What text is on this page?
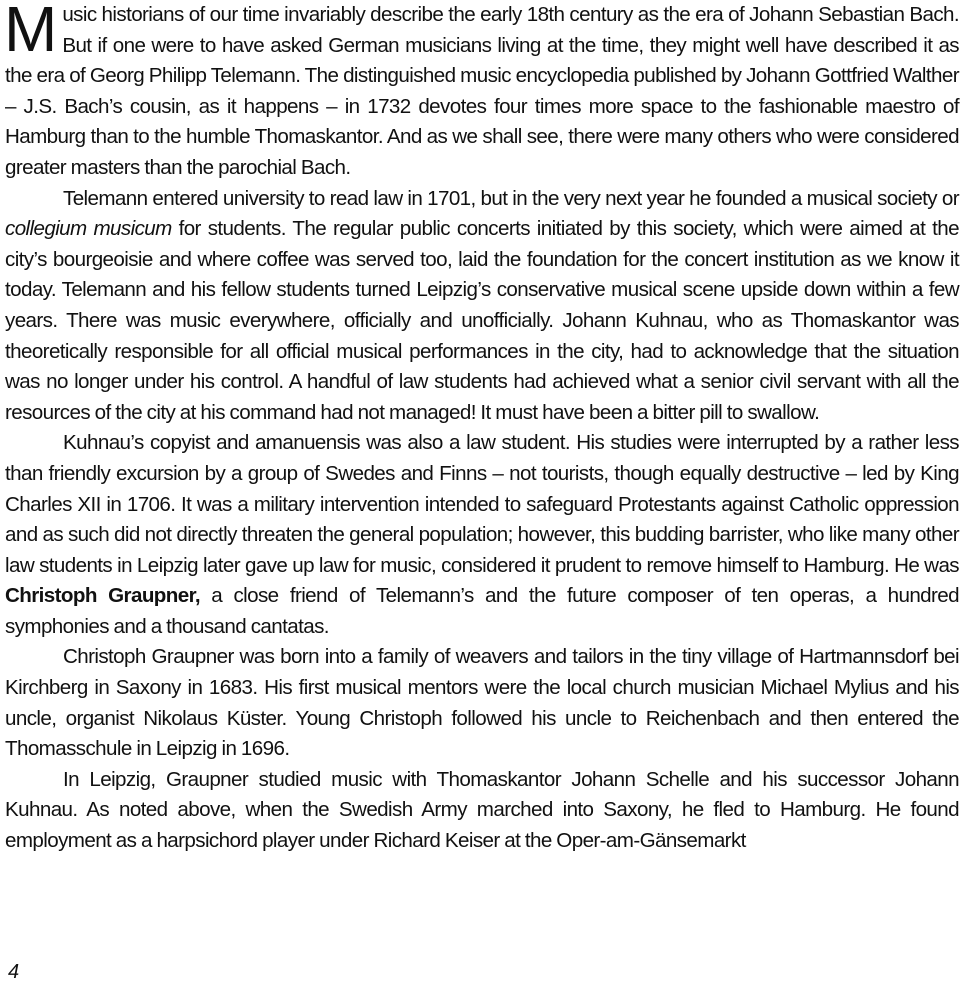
Music historians of our time invariably describe the early 18th century as the era of Johann Sebastian Bach. But if one were to have asked German musicians living at the time, they might well have described it as the era of Georg Philipp Telemann. The distinguished music encyclopedia published by Johann Gottfried Walther – J.S. Bach’s cousin, as it happens – in 1732 devotes four times more space to the fashionable maestro of Hamburg than to the humble Thomaskantor. And as we shall see, there were many others who were considered greater masters than the parochial Bach.

Telemann entered university to read law in 1701, but in the very next year he founded a musical society or collegium musicum for students. The regular public concerts initiated by this society, which were aimed at the city’s bourgeoisie and where coffee was served too, laid the foundation for the concert institution as we know it today. Telemann and his fellow students turned Leipzig’s conservative musical scene upside down within a few years. There was music everywhere, officially and unofficially. Johann Kuhnau, who as Thomaskantor was theoretically responsible for all official musical performances in the city, had to acknowledge that the situation was no longer under his control. A handful of law students had achieved what a senior civil servant with all the resources of the city at his command had not managed! It must have been a bitter pill to swallow.

Kuhnau’s copyist and amanuensis was also a law student. His studies were interrupted by a rather less than friendly excursion by a group of Swedes and Finns – not tourists, though equally destructive – led by King Charles XII in 1706. It was a military intervention intended to safeguard Protestants against Catholic oppression and as such did not directly threaten the general population; however, this budding barrister, who like many other law students in Leipzig later gave up law for music, considered it prudent to remove himself to Hamburg. He was Christoph Graupner, a close friend of Telemann’s and the future composer of ten operas, a hundred symphonies and a thousand cantatas.

Christoph Graupner was born into a family of weavers and tailors in the tiny village of Hartmannsdorf bei Kirchberg in Saxony in 1683. His first musical mentors were the local church musician Michael Mylius and his uncle, organist Nikolaus Küster. Young Christoph followed his uncle to Reichenbach and then entered the Thomasschule in Leipzig in 1696.

In Leipzig, Graupner studied music with Thomaskantor Johann Schelle and his successor Johann Kuhnau. As noted above, when the Swedish Army marched into Saxony, he fled to Hamburg. He found employment as a harpsichord player under Richard Keiser at the Oper-am-Gänsemarkt

4
